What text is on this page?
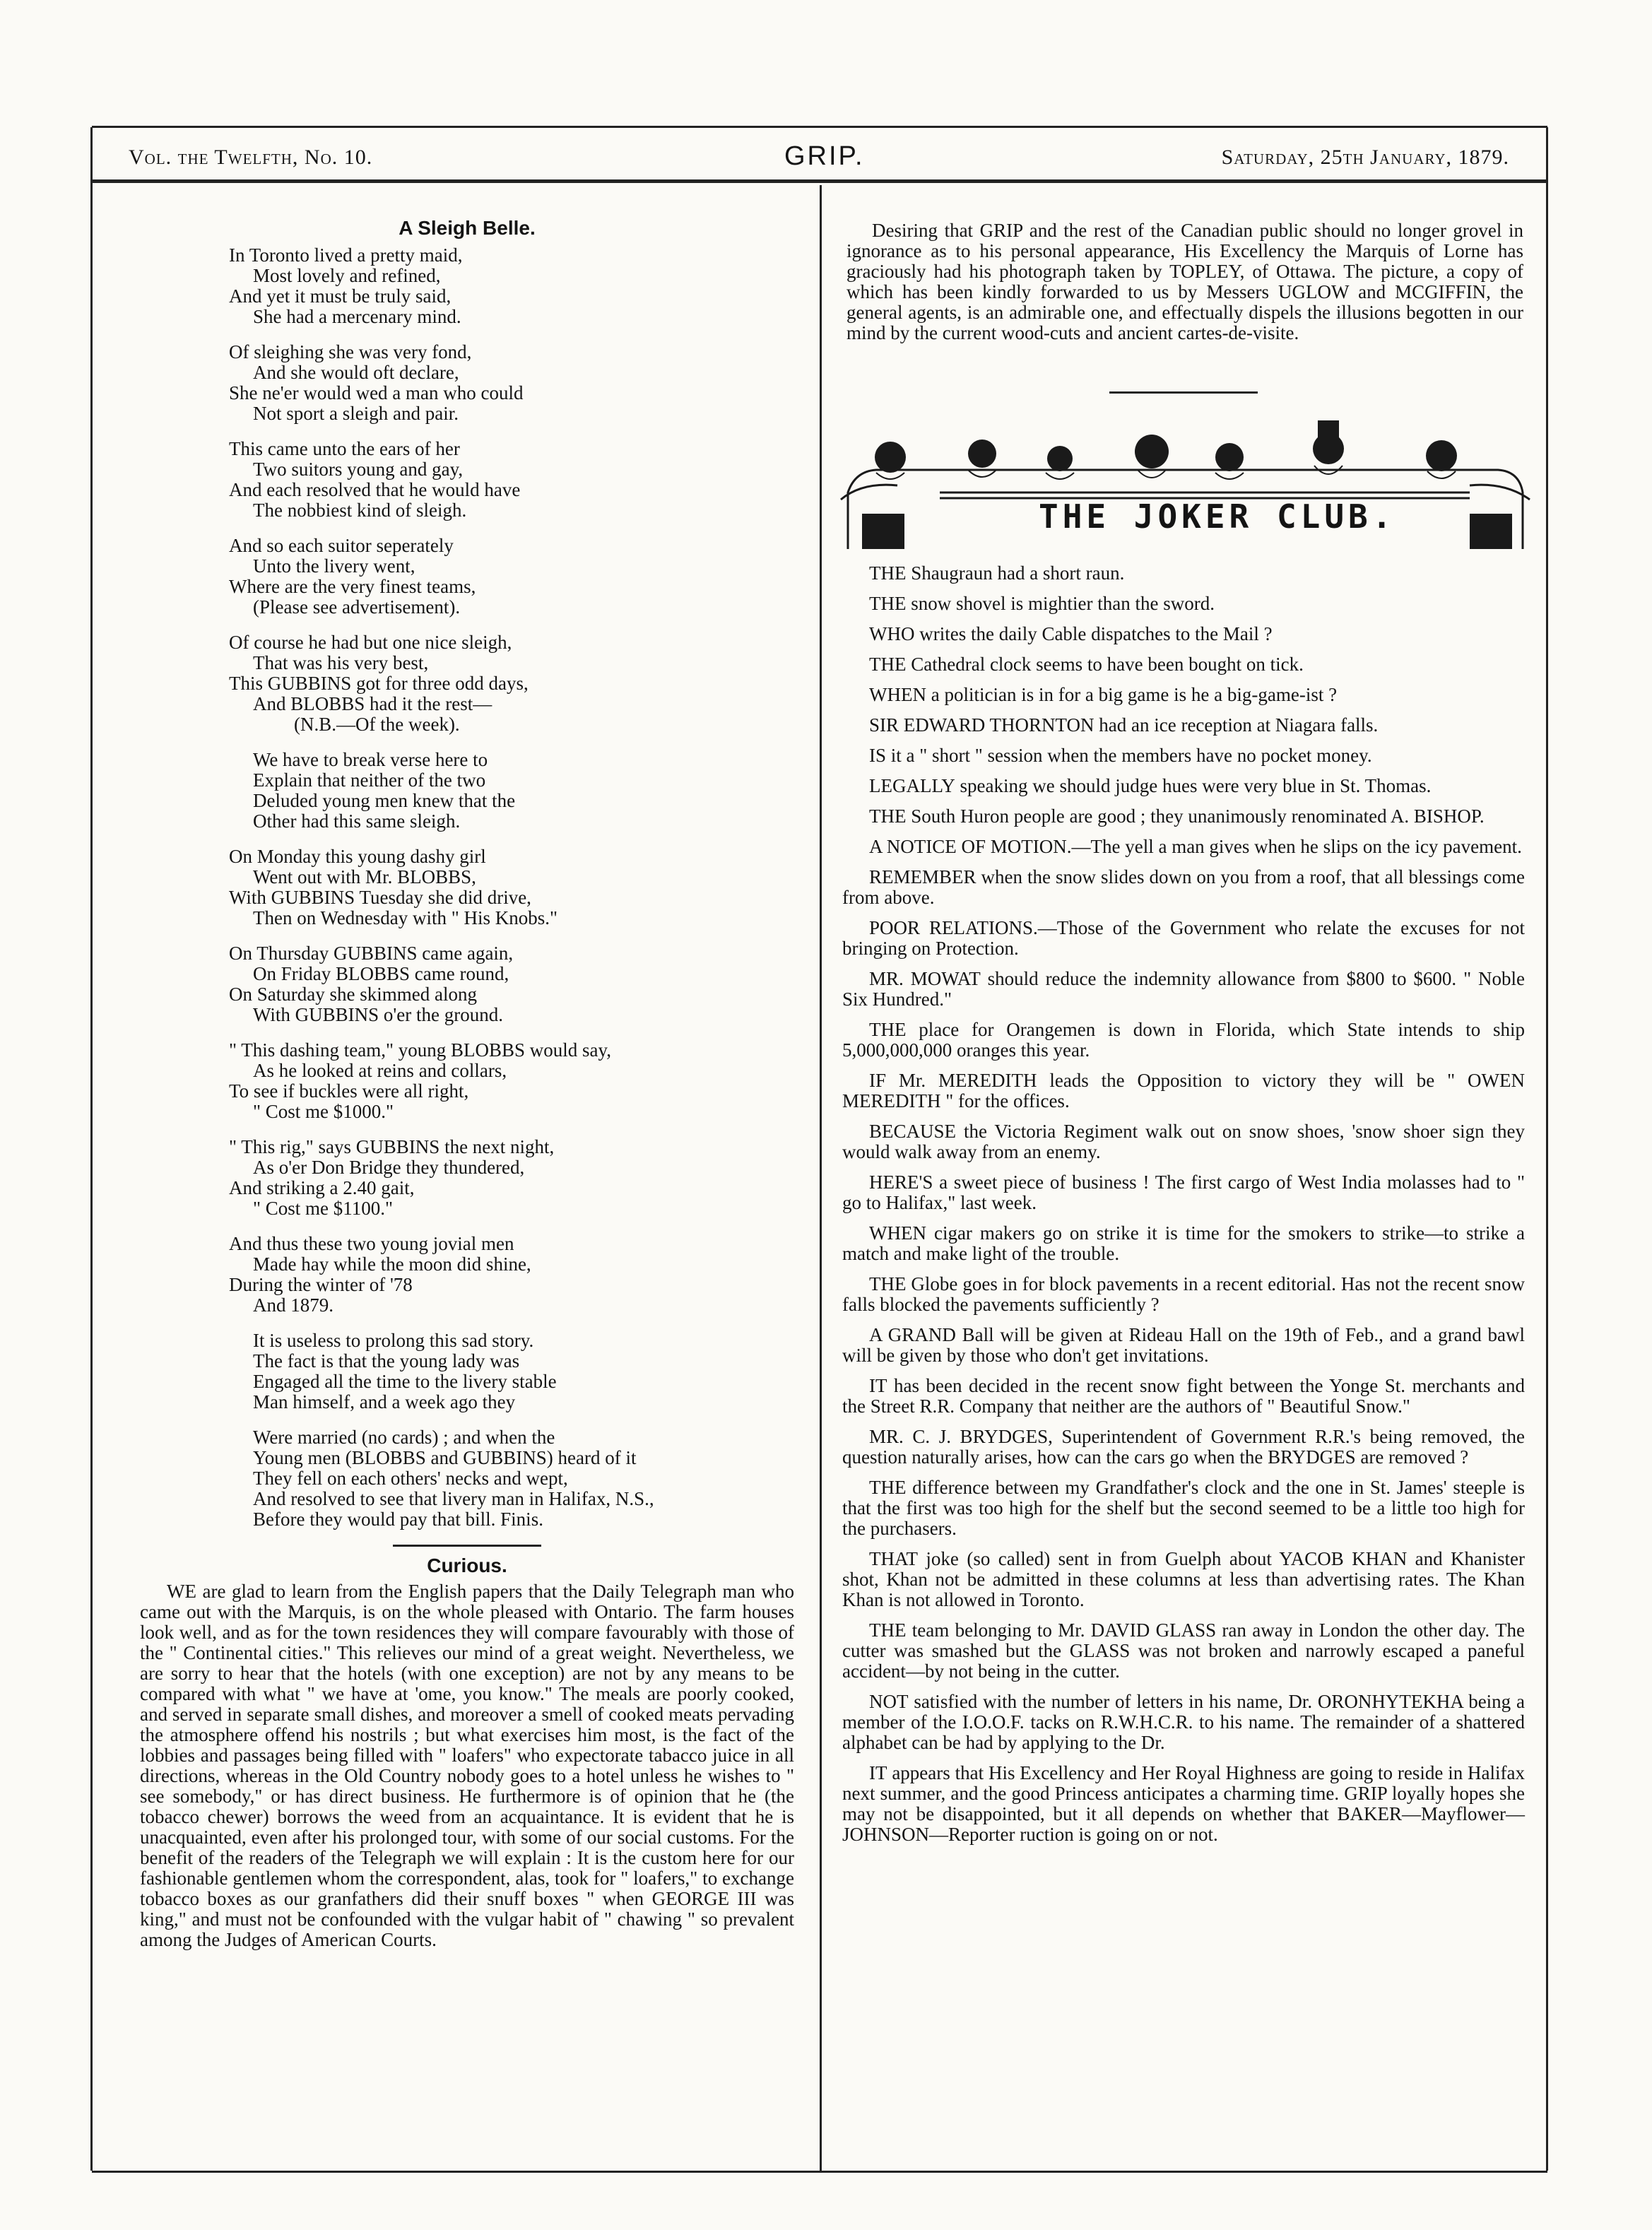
Vol. the Twelfth, No. 10.	GRIP.	Saturday, 25th January, 1879.
A Sleigh Belle.
In Toronto lived a pretty maid,
Most lovely and refined,
And yet it must be truly said,
She had a mercenary mind.
Of sleighing she was very fond,
And she would oft declare,
She ne'er would wed a man who could
Not sport a sleigh and pair.
This came unto the ears of her
Two suitors young and gay,
And each resolved that he would have
The nobbiest kind of sleigh.
And so each suitor seperately
Unto the livery went,
Where are the very finest teams,
(Please see advertisement).
Of course he had but one nice sleigh,
That was his very best,
This GUBBINS got for three odd days,
And BLOBBS had it the rest—
(N.B.—Of the week).
We have to break verse here to
Explain that neither of the two
Deluded young men knew that the
Other had this same sleigh.
On Monday this young dashy girl
Went out with Mr. BLOBBS,
With GUBBINS Tuesday she did drive,
Then on Wednesday with " His Knobs."
On Thursday GUBBINS came again,
On Friday BLOBBS came round,
On Saturday she skimmed along
With GUBBINS o'er the ground.
" This dashing team," young BLOBBS would say,
As he looked at reins and collars,
To see if buckles were all right,
" Cost me $1000."
" This rig," says GUBBINS the next night,
As o'er Don Bridge they thundered,
And striking a 2.40 gait,
" Cost me $1100."
And thus these two young jovial men
Made hay while the moon did shine,
During the winter of '78
And 1879.
It is useless to prolong this sad story.
The fact is that the young lady was
Engaged all the time to the livery stable
Man himself, and a week ago they
Were married (no cards) ; and when the
Young men (BLOBBS and GUBBINS) heard of it
They fell on each others' necks and wept,
And resolved to see that livery man in Halifax, N.S.,
Before they would pay that bill. Finis.
Curious.

WE are glad to learn from the English papers that the Daily Telegraph man who came out with the Marquis, is on the whole pleased with Ontario. The farm houses look well, and as for the town residences they will compare favourably with those of the " Continental cities." This relieves our mind of a great weight. Nevertheless, we are sorry to hear that the hotels (with one exception) are not by any means to be compared with what " we have at 'ome, you know." The meals are poorly cooked, and served in separate small dishes, and moreover a smell of cooked meats pervading the atmosphere offend his nostrils ; but what exercises him most, is the fact of the lobbies and passages being filled with " loafers" who expectorate tabacco juice in all directions, whereas in the Old Country nobody goes to a hotel unless he wishes to " see somebody," or has direct business. He furthermore is of opinion that he (the tobacco chewer) borrows the weed from an acquaintance. It is evident that he is unacquainted, even after his prolonged tour, with some of our social customs. For the benefit of the readers of the Telegraph we will explain : It is the custom here for our fashionable gentlemen whom the correspondent, alas, took for " loafers," to exchange tobacco boxes as our granfathers did their snuff boxes " when GEORGE III was king," and must not be confounded with the vulgar habit of " chawing " so prevalent among the Judges of American Courts.

Desiring that GRIP and the rest of the Canadian public should no longer grovel in ignorance as to his personal appearance, His Excellency the Marquis of Lorne has graciously had his photograph taken by TOPLEY, of Ottawa. The picture, a copy of which has been kindly forwarded to us by Messers UGLOW and MCGIFFIN, the general agents, is an admirable one, and effectually dispels the illusions begotten in our mind by the current wood-cuts and ancient cartes-de-visite.

THE JOKER CLUB.

THE Shaugraun had a short raun.

THE snow shovel is mightier than the sword.

WHO writes the daily Cable dispatches to the Mail ?

THE Cathedral clock seems to have been bought on tick.

WHEN a politician is in for a big game is he a big-game-ist ?

SIR EDWARD THORNTON had an ice reception at Niagara falls.

IS it a " short " session when the members have no pocket money.

LEGALLY speaking we should judge hues were very blue in St. Thomas.

THE South Huron people are good ; they unanimously renominated A. BISHOP.

A NOTICE OF MOTION.—The yell a man gives when he slips on the icy pavement.

REMEMBER when the snow slides down on you from a roof, that all blessings come from above.

POOR RELATIONS.—Those of the Government who relate the excuses for not bringing on Protection.

MR. MOWAT should reduce the indemnity allowance from $800 to $600. " Noble Six Hundred."

THE place for Orangemen is down in Florida, which State intends to ship 5,000,000,000 oranges this year.

IF Mr. MEREDITH leads the Opposition to victory they will be " OWEN MEREDITH " for the offices.

BECAUSE the Victoria Regiment walk out on snow shoes, 'snow shoer sign they would walk away from an enemy.

HERE'S a sweet piece of business ! The first cargo of West India molasses had to " go to Halifax," last week.

WHEN cigar makers go on strike it is time for the smokers to strike—to strike a match and make light of the trouble.

THE Globe goes in for block pavements in a recent editorial. Has not the recent snow falls blocked the pavements sufficiently ?

A GRAND Ball will be given at Rideau Hall on the 19th of Feb., and a grand bawl will be given by those who don't get invitations.

IT has been decided in the recent snow fight between the Yonge St. merchants and the Street R.R. Company that neither are the authors of " Beautiful Snow."

MR. C. J. BRYDGES, Superintendent of Government R.R.'s being removed, the question naturally arises, how can the cars go when the BRYDGES are removed ?

THE difference between my Grandfather's clock and the one in St. James' steeple is that the first was too high for the shelf but the second seemed to be a little too high for the purchasers.

THAT joke (so called) sent in from Guelph about YACOB KHAN and Khanister shot, Khan not be admitted in these columns at less than advertising rates. The Khan Khan is not allowed in Toronto.

THE team belonging to Mr. DAVID GLASS ran away in London the other day. The cutter was smashed but the GLASS was not broken and narrowly escaped a paneful accident—by not being in the cutter.

NOT satisfied with the number of letters in his name, Dr. ORONHYTEKHA being a member of the I.O.O.F. tacks on R.W.H.C.R. to his name. The remainder of a shattered alphabet can be had by applying to the Dr.

IT appears that His Excellency and Her Royal Highness are going to reside in Halifax next summer, and the good Princess anticipates a charming time. GRIP loyally hopes she may not be disappointed, but it all depends on whether that BAKER—Mayflower—JOHNSON—Reporter ruction is going on or not.
